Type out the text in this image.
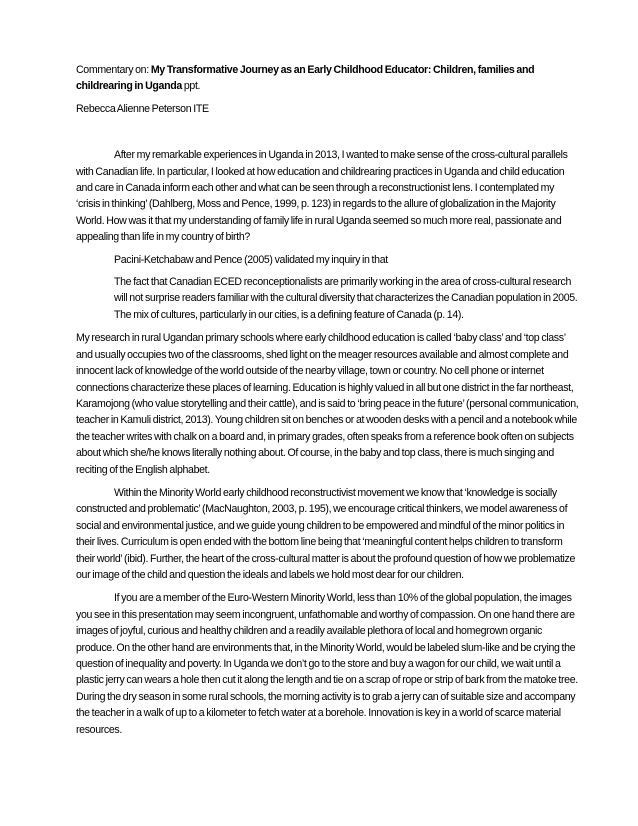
Commentary on: My Transformative Journey as an Early Childhood Educator: Children, families and childrearing in Uganda ppt.

Rebecca Alienne Peterson ITE

After my remarkable experiences in Uganda in 2013, I wanted to make sense of the cross-cultural parallels with Canadian life. In particular, I looked at how education and childrearing practices in Uganda and child education and care in Canada inform each other and what can be seen through a reconstructionist lens. I contemplated my ‘crisis in thinking’ (Dahlberg, Moss and Pence, 1999, p. 123) in regards to the allure of globalization in the Majority World. How was it that my understanding of family life in rural Uganda seemed so much more real, passionate and appealing than life in my country of birth?

Pacini-Ketchabaw and Pence (2005) validated my inquiry in that

The fact that Canadian ECED reconceptionalists are primarily working in the area of cross-cultural research will not surprise readers familiar with the cultural diversity that characterizes the Canadian population in 2005. The mix of cultures, particularly in our cities, is a defining feature of Canada (p. 14).

My research in rural Ugandan primary schools where early childhood education is called ‘baby class’ and ‘top class’ and usually occupies two of the classrooms, shed light on the meager resources available and almost complete and innocent lack of knowledge of the world outside of the nearby village, town or country. No cell phone or internet connections characterize these places of learning. Education is highly valued in all but one district in the far northeast, Karamojong (who value storytelling and their cattle), and is said to ‘bring peace in the future’ (personal communication, teacher in Kamuli district, 2013). Young children sit on benches or at wooden desks with a pencil and a notebook while the teacher writes with chalk on a board and, in primary grades, often speaks from a reference book often on subjects about which she/he knows literally nothing about. Of course, in the baby and top class, there is much singing and reciting of the English alphabet.

Within the Minority World early childhood reconstructivist movement we know that ‘knowledge is socially constructed and problematic’ (MacNaughton, 2003, p. 195), we encourage critical thinkers, we model awareness of social and environmental justice, and we guide young children to be empowered and mindful of the minor politics in their lives. Curriculum is open ended with the bottom line being that ‘meaningful content helps children to transform their world’ (ibid). Further, the heart of the cross-cultural matter is about the profound question of how we problematize our image of the child and question the ideals and labels we hold most dear for our children.

If you are a member of the Euro-Western Minority World, less than 10% of the global population, the images you see in this presentation may seem incongruent, unfathomable and worthy of compassion. On one hand there are images of joyful, curious and healthy children and a readily available plethora of local and homegrown organic produce. On the other hand are environments that, in the Minority World, would be labeled slum-like and be crying the question of inequality and poverty. In Uganda we don’t go to the store and buy a wagon for our child, we wait until a plastic jerry can wears a hole then cut it along the length and tie on a scrap of rope or strip of bark from the matoke tree. During the dry season in some rural schools, the morning activity is to grab a jerry can of suitable size and accompany the teacher in a walk of up to a kilometer to fetch water at a borehole. Innovation is key in a world of scarce material resources.
